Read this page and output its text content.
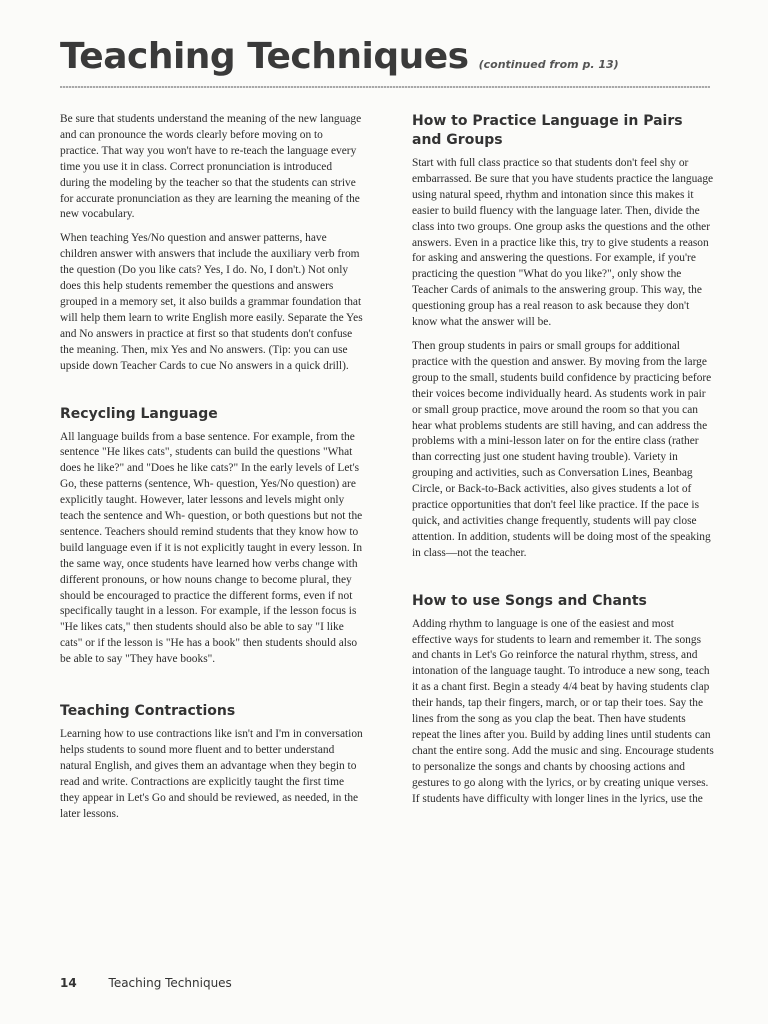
Teaching Techniques (continued from p. 13)

Be sure that students understand the meaning of the new language and can pronounce the words clearly before moving on to practice. That way you won't have to re-teach the language every time you use it in class. Correct pronunciation is introduced during the modeling by the teacher so that the students can strive for accurate pronunciation as they are learning the meaning of the new vocabulary.

When teaching Yes/No question and answer patterns, have children answer with answers that include the auxiliary verb from the question (Do you like cats? Yes, I do. No, I don't.) Not only does this help students remember the questions and answers grouped in a memory set, it also builds a grammar foundation that will help them learn to write English more easily. Separate the Yes and No answers in practice at first so that students don't confuse the meaning. Then, mix Yes and No answers. (Tip: you can use upside down Teacher Cards to cue No answers in a quick drill).

Recycling Language

All language builds from a base sentence. For example, from the sentence "He likes cats", students can build the questions "What does he like?" and "Does he like cats?" In the early levels of Let's Go, these patterns (sentence, Wh- question, Yes/No question) are explicitly taught. However, later lessons and levels might only teach the sentence and Wh- question, or both questions but not the sentence. Teachers should remind students that they know how to build language even if it is not explicitly taught in every lesson. In the same way, once students have learned how verbs change with different pronouns, or how nouns change to become plural, they should be encouraged to practice the different forms, even if not specifically taught in a lesson. For example, if the lesson focus is "He likes cats," then students should also be able to say "I like cats" or if the lesson is "He has a book" then students should also be able to say "They have books".

Teaching Contractions

Learning how to use contractions like isn't and I'm in conversation helps students to sound more fluent and to better understand natural English, and gives them an advantage when they begin to read and write. Contractions are explicitly taught the first time they appear in Let's Go and should be reviewed, as needed, in the later lessons.

How to Practice Language in Pairs and Groups

Start with full class practice so that students don't feel shy or embarrassed. Be sure that you have students practice the language using natural speed, rhythm and intonation since this makes it easier to build fluency with the language later. Then, divide the class into two groups. One group asks the questions and the other answers. Even in a practice like this, try to give students a reason for asking and answering the questions. For example, if you're practicing the question "What do you like?", only show the Teacher Cards of animals to the answering group. This way, the questioning group has a real reason to ask because they don't know what the answer will be.

Then group students in pairs or small groups for additional practice with the question and answer. By moving from the large group to the small, students build confidence by practicing before their voices become individually heard. As students work in pair or small group practice, move around the room so that you can hear what problems students are still having, and can address the problems with a mini-lesson later on for the entire class (rather than correcting just one student having trouble). Variety in grouping and activities, such as Conversation Lines, Beanbag Circle, or Back-to-Back activities, also gives students a lot of practice opportunities that don't feel like practice. If the pace is quick, and activities change frequently, students will pay close attention. In addition, students will be doing most of the speaking in class—not the teacher.

How to use Songs and Chants

Adding rhythm to language is one of the easiest and most effective ways for students to learn and remember it. The songs and chants in Let's Go reinforce the natural rhythm, stress, and intonation of the language taught. To introduce a new song, teach it as a chant first. Begin a steady 4/4 beat by having students clap their hands, tap their fingers, march, or or tap their toes. Say the lines from the song as you clap the beat. Then have students repeat the lines after you. Build by adding lines until students can chant the entire song. Add the music and sing. Encourage students to personalize the songs and chants by choosing actions and gestures to go along with the lyrics, or by creating unique verses. If students have difficulty with longer lines in the lyrics, use the

14	Teaching Techniques
